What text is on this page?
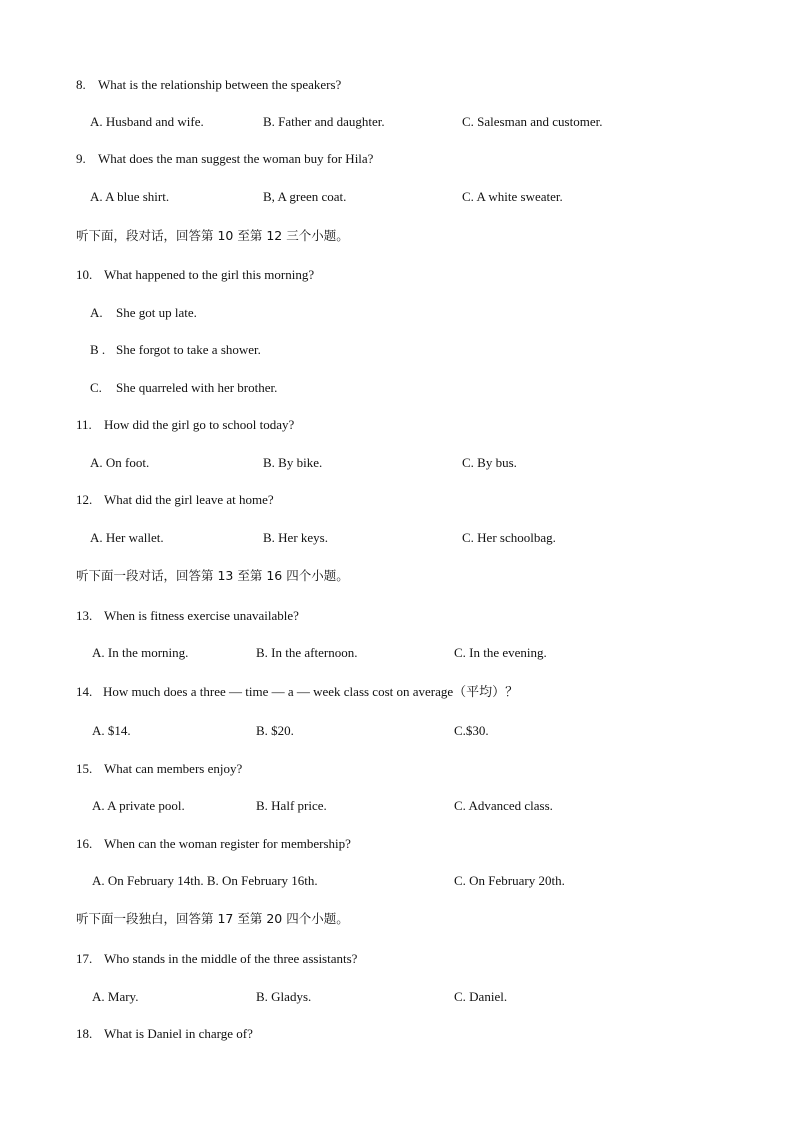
8. What is the relationship between the speakers?
A. Husband and wife.	B. Father and daughter.	C. Salesman and customer.
9. What does the man suggest the woman buy for Hila?
A. A blue shirt.	B, A green coat.	C. A white sweater.
听下面，段对话，回答第 10 至第 12 三个小题。
10. What happened to the girl this morning?
A. She got up late.
B . She forgot to take a shower.
C. She quarreled with her brother.
11. How did the girl go to school today?
A. On foot.	B. By bike.	C. By bus.
12. What did the girl leave at home?
A. Her wallet.	B. Her keys.	C. Her schoolbag.
听下面一段对话，回答第 13 至第 16 四个小题。
13. When is fitness exercise unavailable?
A. In the morning.	B. In the afternoon.	C. In the evening.
14. How much does a three — time — a — week class cost on average（平均）？
A. $14.	B. $20.	C.$30.
15. What can members enjoy?
A. A private pool.	B. Half price.	C. Advanced class.
16. When can the woman register for membership?
A. On February 14th. B. On February 16th.	C. On February 20th.
听下面一段独白，回答第 17 至第 20 四个小题。
17. Who stands in the middle of the three assistants?
A. Mary.	B. Gladys.	C. Daniel.
18. What is Daniel in charge of?
